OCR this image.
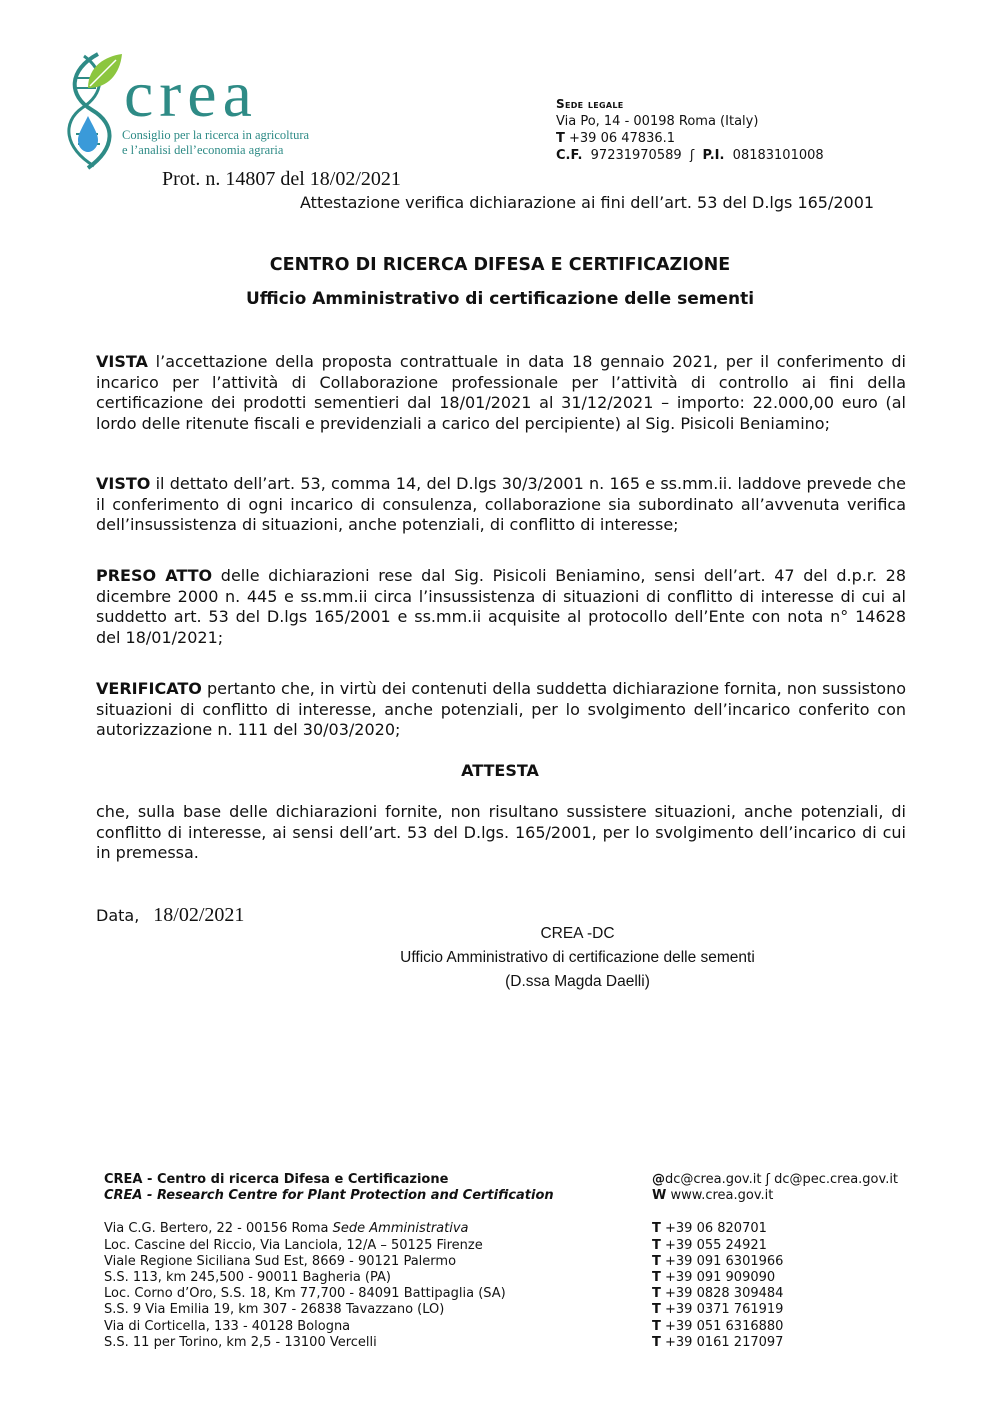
crea
Consiglio per la ricerca in agricoltura
e l’analisi dell’economia agraria
Sede legale
Via Po, 14 - 00198 Roma (Italy)
T +39 06 47836.1
C.F. 97231970589 ʃ P.I. 08183101008
Prot. n. 14807 del 18/02/2021
Attestazione verifica dichiarazione ai fini dell’art. 53 del D.lgs 165/2001
CENTRO DI RICERCA DIFESA E CERTIFICAZIONE
Ufficio Amministrativo di certificazione delle sementi
VISTA l’accettazione della proposta contrattuale in data 18 gennaio 2021, per il conferimento di incarico per l’attività di Collaborazione professionale per l’attività di controllo ai fini della certificazione dei prodotti sementieri dal 18/01/2021 al 31/12/2021 – importo: 22.000,00 euro (al lordo delle ritenute fiscali e previdenziali a carico del percipiente) al Sig. Pisicoli Beniamino;
VISTO il dettato dell’art. 53, comma 14, del D.lgs 30/3/2001 n. 165 e ss.mm.ii. laddove prevede che il conferimento di ogni incarico di consulenza, collaborazione sia subordinato all’avvenuta verifica dell’insussistenza di situazioni, anche potenziali, di conflitto di interesse;
PRESO ATTO delle dichiarazioni rese dal Sig. Pisicoli Beniamino, sensi dell’art. 47 del d.p.r. 28 dicembre 2000 n. 445 e ss.mm.ii circa l’insussistenza di situazioni di conflitto di interesse di cui al suddetto art. 53 del D.lgs 165/2001 e ss.mm.ii acquisite al protocollo dell’Ente con nota n° 14628 del 18/01/2021;
VERIFICATO pertanto che, in virtù dei contenuti della suddetta dichiarazione fornita, non sussistono situazioni di conflitto di interesse, anche potenziali, per lo svolgimento dell’incarico conferito con autorizzazione n. 111 del 30/03/2020;
ATTESTA
che, sulla base delle dichiarazioni fornite, non risultano sussistere situazioni, anche potenziali, di conflitto di interesse, ai sensi dell’art. 53 del D.lgs. 165/2001, per lo svolgimento dell’incarico di cui in premessa.
Data, 18/02/2021
CREA -DC
Ufficio Amministrativo di certificazione delle sementi
(D.ssa Magda Daelli)
CREA - Centro di ricerca Difesa e Certificazione
CREA - Research Centre for Plant Protection and Certification
Via C.G. Bertero, 22 - 00156 Roma Sede Amministrativa
Loc. Cascine del Riccio, Via Lanciola, 12/A – 50125 Firenze
Viale Regione Siciliana Sud Est, 8669 - 90121 Palermo
S.S. 113, km 245,500 - 90011 Bagheria (PA)
Loc. Corno d’Oro, S.S. 18, Km 77,700 - 84091 Battipaglia (SA)
S.S. 9 Via Emilia 19, km 307 - 26838 Tavazzano (LO)
Via di Corticella, 133 - 40128 Bologna
S.S. 11 per Torino, km 2,5 - 13100 Vercelli
@dc@crea.gov.it ʃ dc@pec.crea.gov.it
W www.crea.gov.it
T +39 06 820701
T +39 055 24921
T +39 091 6301966
T +39 091 909090
T +39 0828 309484
T +39 0371 761919
T +39 051 6316880
T +39 0161 217097
